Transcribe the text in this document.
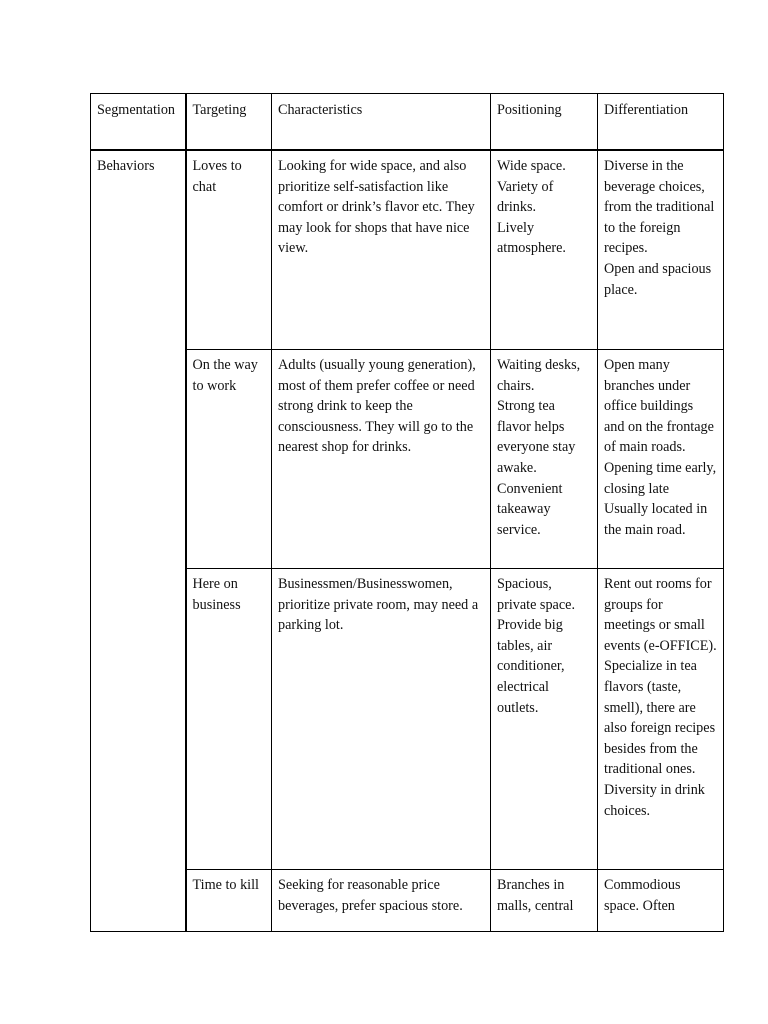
Segmentation	Targeting	Characteristics	Positioning	Differentiation

Behaviors	Loves to chat	Looking for wide space, and also prioritize self-satisfaction like comfort or drink’s flavor etc. They may look for shops that have nice view.	Wide space.
Variety of drinks.
Lively atmosphere.	Diverse in the beverage choices, from the traditional to the foreign recipes.
Open and spacious place.

	On the way to work	Adults (usually young generation), most of them prefer coffee or need strong drink to keep the consciousness. They will go to the nearest shop for drinks.	Waiting desks, chairs.
Strong tea flavor helps everyone stay awake.
Convenient takeaway service.	Open many branches under office buildings and on the frontage of main roads.
Opening time early, closing late
Usually located in the main road.

	Here on business	Businessmen/Businesswomen, prioritize private room, may need a parking lot.	Spacious, private space.
Provide big tables, air conditioner, electrical outlets.	Rent out rooms for groups for meetings or small events (e-OFFICE).
Specialize in tea flavors (taste, smell), there are also foreign recipes besides from the traditional ones.
Diversity in drink choices.

	Time to kill	Seeking for reasonable price beverages, prefer spacious store.	Branches in malls, central	Commodious space. Often
